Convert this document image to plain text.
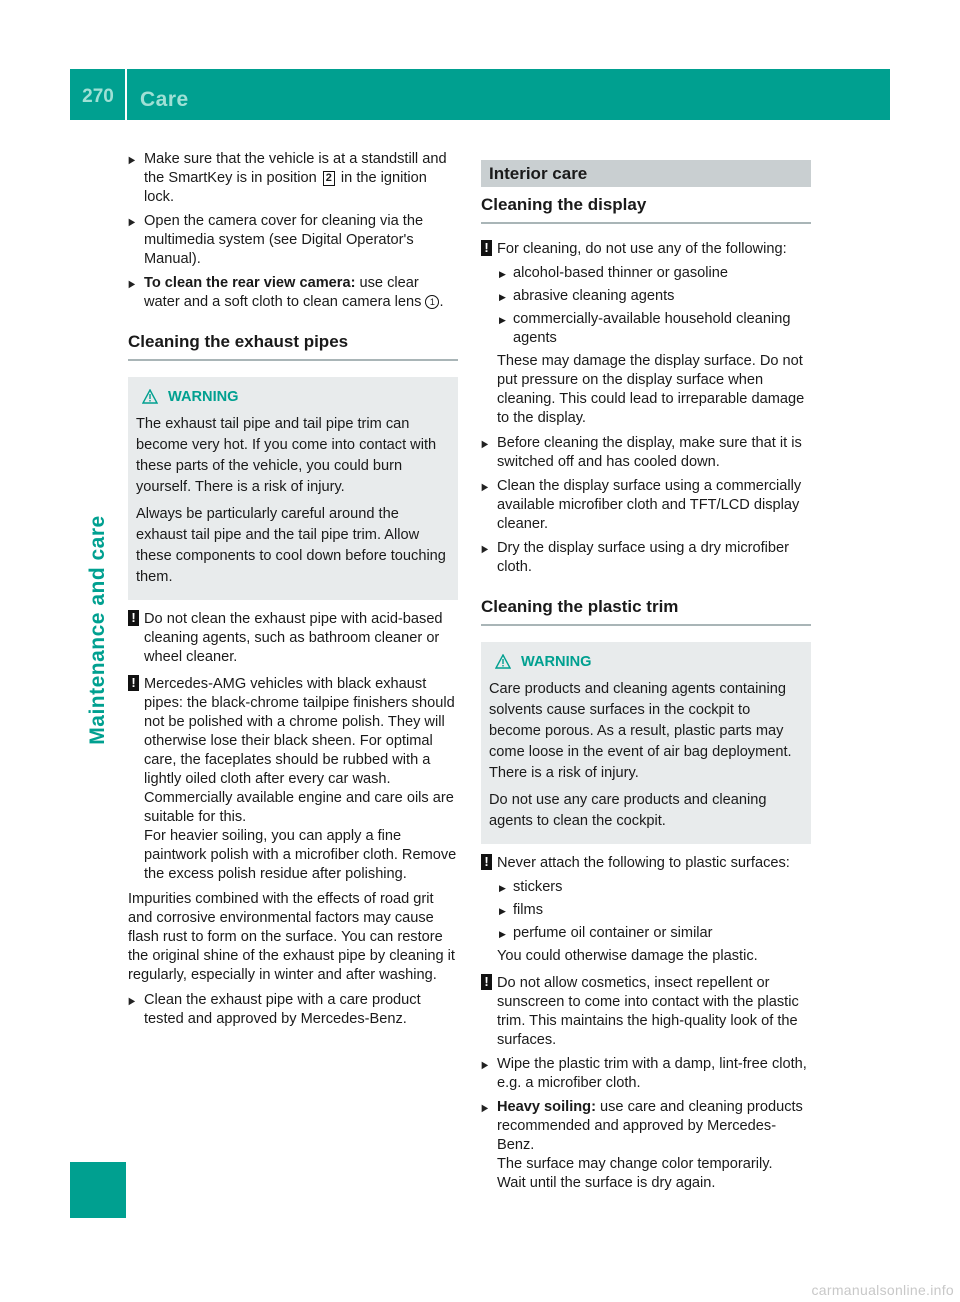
270	Care
Maintenance and care

▶ Make sure that the vehicle is at a standstill and the SmartKey is in position 2 in the ignition lock.

▶ Open the camera cover for cleaning via the multimedia system (see Digital Operator's Manual).

▶ To clean the rear view camera: use clear water and a soft cloth to clean camera lens 1 .

Cleaning the exhaust pipes
WARNING

The exhaust tail pipe and tail pipe trim can become very hot. If you come into contact with these parts of the vehicle, you could burn yourself. There is a risk of injury.

Always be particularly careful around the exhaust tail pipe and the tail pipe trim. Allow these components to cool down before touching them.

! Do not clean the exhaust pipe with acid-based cleaning agents, such as bathroom cleaner or wheel cleaner.
! Mercedes-AMG vehicles with black exhaust pipes: the black-chrome tailpipe finishers should not be polished with a chrome polish. They will otherwise lose their black sheen. For optimal care, the faceplates should be rubbed with a lightly oiled cloth after every car wash. Commercially available engine and care oils are suitable for this.

For heavier soiling, you can apply a fine paintwork polish with a microfiber cloth. Remove the excess polish residue after polishing.

Impurities combined with the effects of road grit and corrosive environmental factors may cause flash rust to form on the surface. You can restore the original shine of the exhaust pipe by cleaning it regularly, especially in winter and after washing.

▶ Clean the exhaust pipe with a care product tested and approved by Mercedes-Benz.

Interior care
Cleaning the display
! For cleaning, do not use any of the following:

▶ alcohol-based thinner or gasoline

▶ abrasive cleaning agents

▶ commercially-available household cleaning agents

These may damage the display surface. Do not put pressure on the display surface when cleaning. This could lead to irreparable damage to the display.

▶ Before cleaning the display, make sure that it is switched off and has cooled down.

▶ Clean the display surface using a commercially available microfiber cloth and TFT/LCD display cleaner.

▶ Dry the display surface using a dry microfiber cloth.

Cleaning the plastic trim
WARNING

Care products and cleaning agents containing solvents cause surfaces in the cockpit to become porous. As a result, plastic parts may come loose in the event of air bag deployment. There is a risk of injury.

Do not use any care products and cleaning agents to clean the cockpit.

! Never attach the following to plastic surfaces:

▶ stickers

▶ films

▶ perfume oil container or similar

You could otherwise damage the plastic.

! Do not allow cosmetics, insect repellent or sunscreen to come into contact with the plastic trim. This maintains the high-quality look of the surfaces.

▶ Wipe the plastic trim with a damp, lint-free cloth, e.g. a microfiber cloth.

▶ Heavy soiling: use care and cleaning products recommended and approved by Mercedes-Benz.

The surface may change color temporarily.

Wait until the surface is dry again.

carmanualsonline.info
